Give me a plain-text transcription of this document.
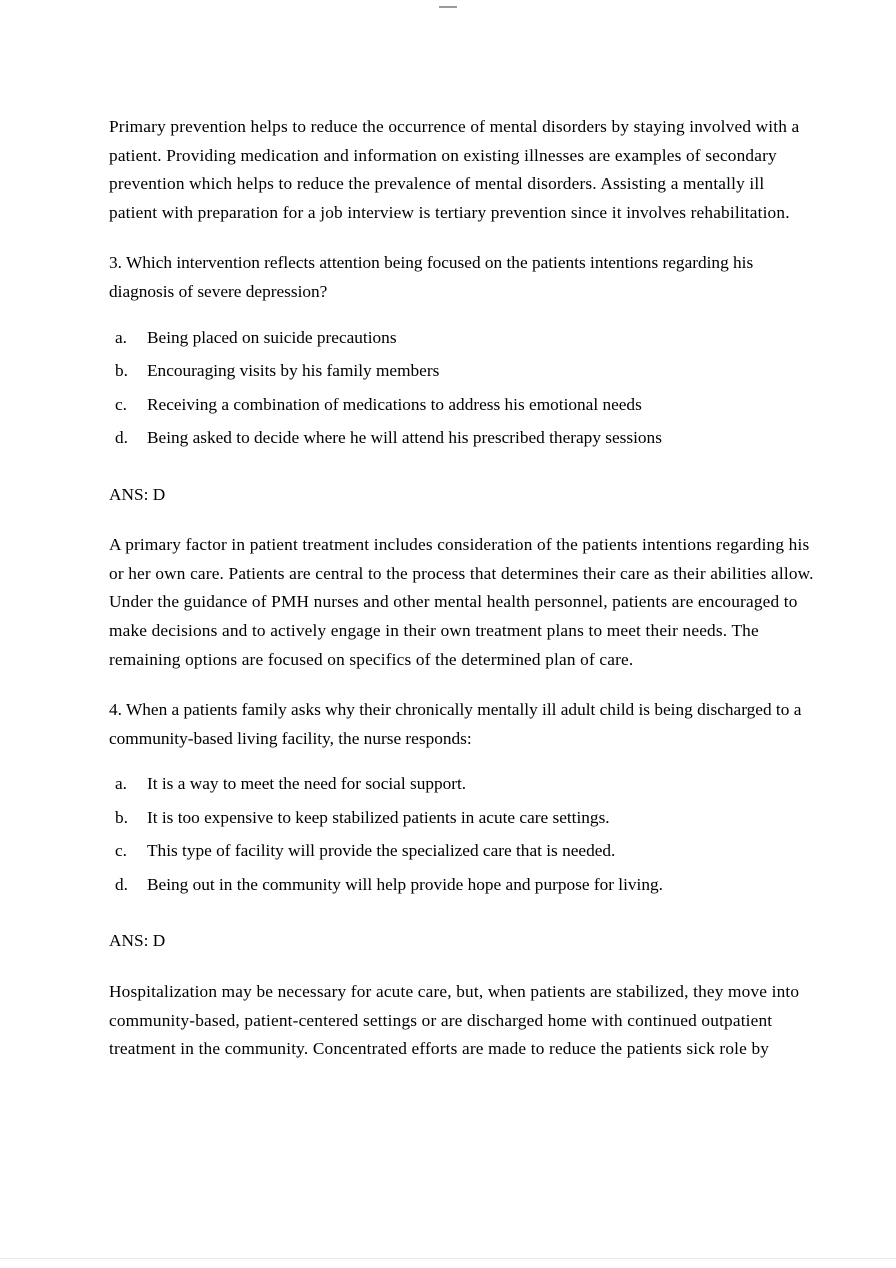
Primary prevention helps to reduce the occurrence of mental disorders by staying involved with a patient. Providing medication and information on existing illnesses are examples of secondary prevention which helps to reduce the prevalence of mental disorders. Assisting a mentally ill patient with preparation for a job interview is tertiary prevention since it involves rehabilitation.

3. Which intervention reflects attention being focused on the patients intentions regarding his diagnosis of severe depression?

a.	Being placed on suicide precautions
b.	Encouraging visits by his family members
c.	Receiving a combination of medications to address his emotional needs
d.	Being asked to decide where he will attend his prescribed therapy sessions

ANS: D

A primary factor in patient treatment includes consideration of the patients intentions regarding his or her own care. Patients are central to the process that determines their care as their abilities allow. Under the guidance of PMH nurses and other mental health personnel, patients are encouraged to make decisions and to actively engage in their own treatment plans to meet their needs. The remaining options are focused on specifics of the determined plan of care.

4. When a patients family asks why their chronically mentally ill adult child is being discharged to a community-based living facility, the nurse responds:

a.	It is a way to meet the need for social support.
b.	It is too expensive to keep stabilized patients in acute care settings.
c.	This type of facility will provide the specialized care that is needed.
d.	Being out in the community will help provide hope and purpose for living.

ANS: D

Hospitalization may be necessary for acute care, but, when patients are stabilized, they move into community-based, patient-centered settings or are discharged home with continued outpatient treatment in the community. Concentrated efforts are made to reduce the patients sick role by
